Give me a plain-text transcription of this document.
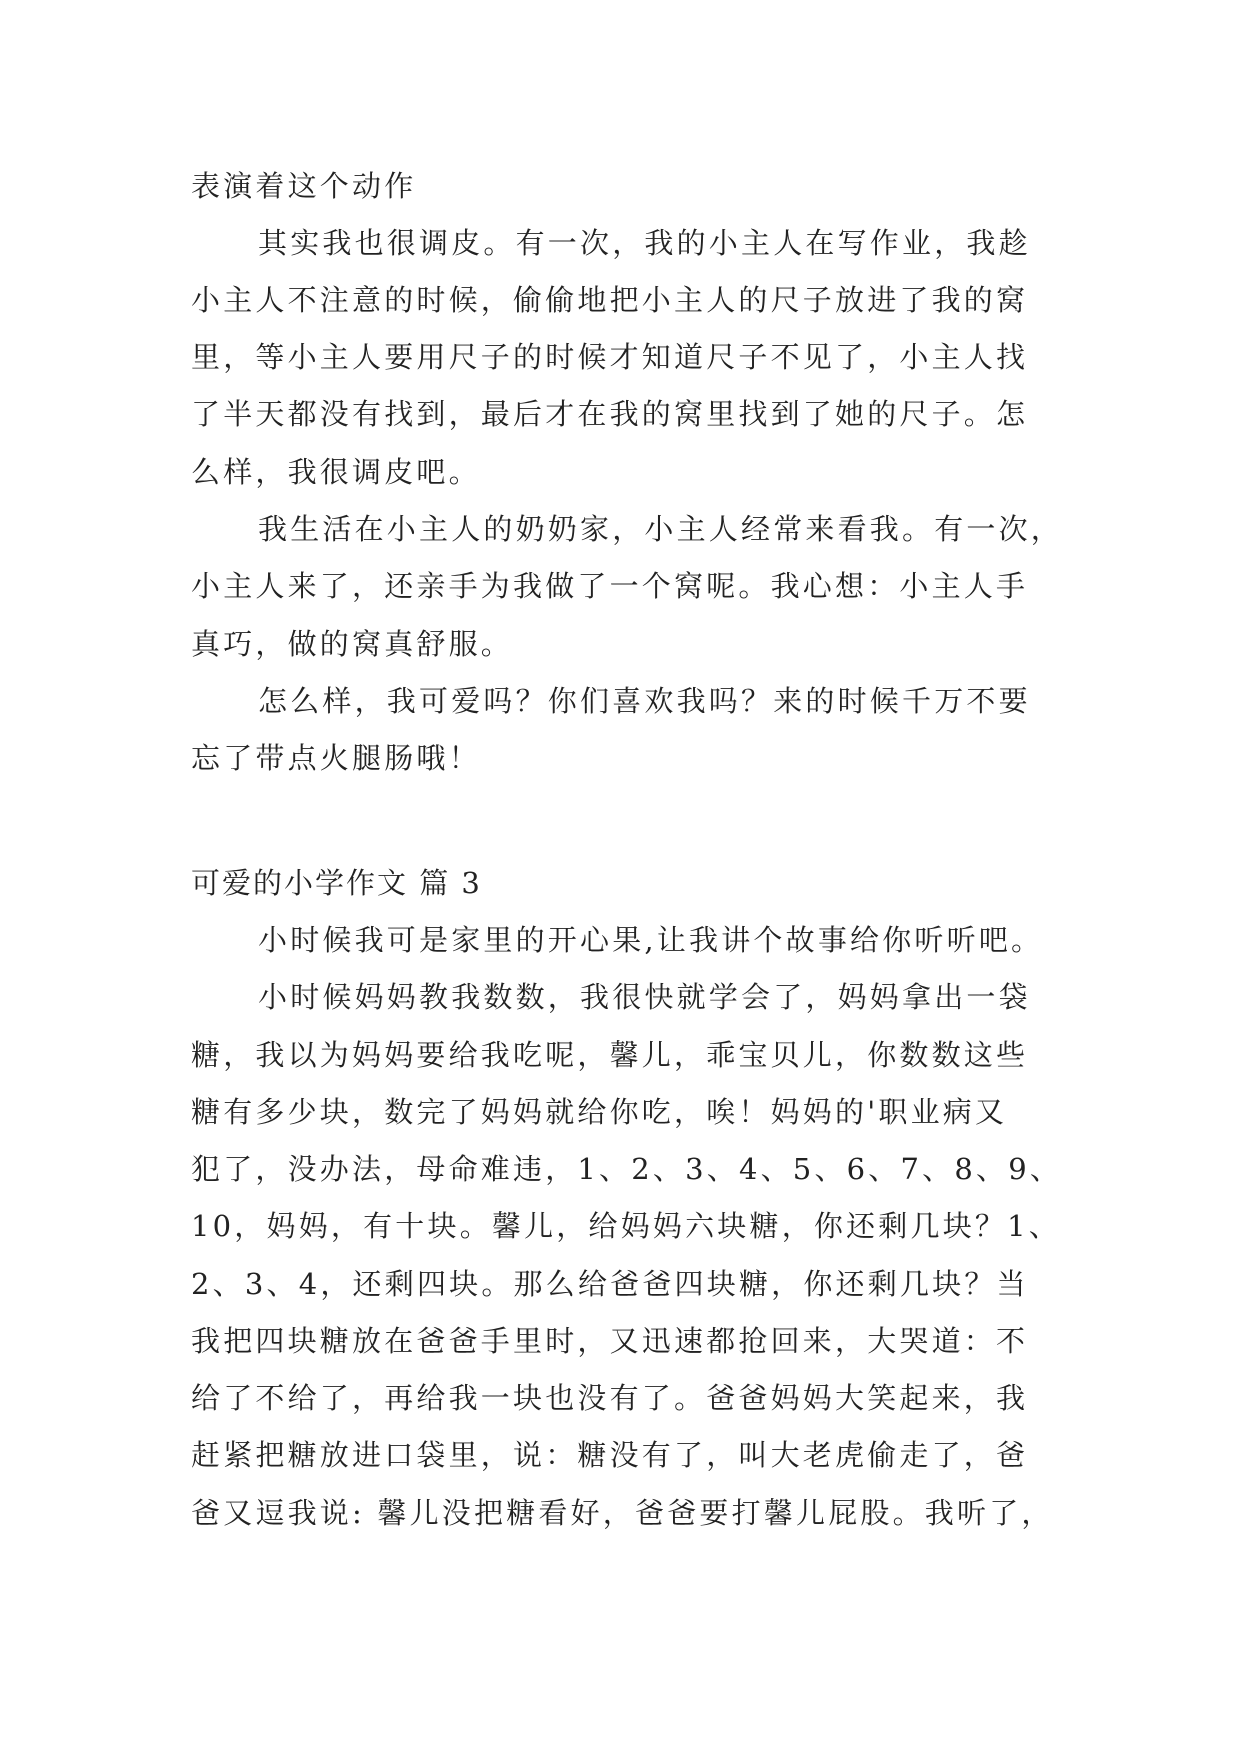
表演着这个动作
其实我也很调皮。有一次，我的小主人在写作业，我趁
小主人不注意的时候，偷偷地把小主人的尺子放进了我的窝
里，等小主人要用尺子的时候才知道尺子不见了，小主人找
了半天都没有找到，最后才在我的窝里找到了她的尺子。怎
么样，我很调皮吧。
我生活在小主人的奶奶家，小主人经常来看我。有一次，
小主人来了，还亲手为我做了一个窝呢。我心想：小主人手
真巧，做的窝真舒服。
怎么样，我可爱吗？你们喜欢我吗？来的时候千万不要
忘了带点火腿肠哦！
可爱的小学作文 篇 3
小时候我可是家里的开心果,让我讲个故事给你听听吧。
小时候妈妈教我数数，我很快就学会了，妈妈拿出一袋
糖，我以为妈妈要给我吃呢，馨儿，乖宝贝儿，你数数这些
糖有多少块，数完了妈妈就给你吃，唉！妈妈的'职业病又
犯了，没办法，母命难违，1、2、3、4、5、6、7、8、9、
10，妈妈，有十块。馨儿，给妈妈六块糖，你还剩几块？1、
2、3、4，还剩四块。那么给爸爸四块糖，你还剩几块？当
我把四块糖放在爸爸手里时，又迅速都抢回来，大哭道：不
给了不给了，再给我一块也没有了。爸爸妈妈大笑起来，我
赶紧把糖放进口袋里，说：糖没有了，叫大老虎偷走了，爸
爸又逗我说: 馨儿没把糖看好，爸爸要打馨儿屁股。我听了，
